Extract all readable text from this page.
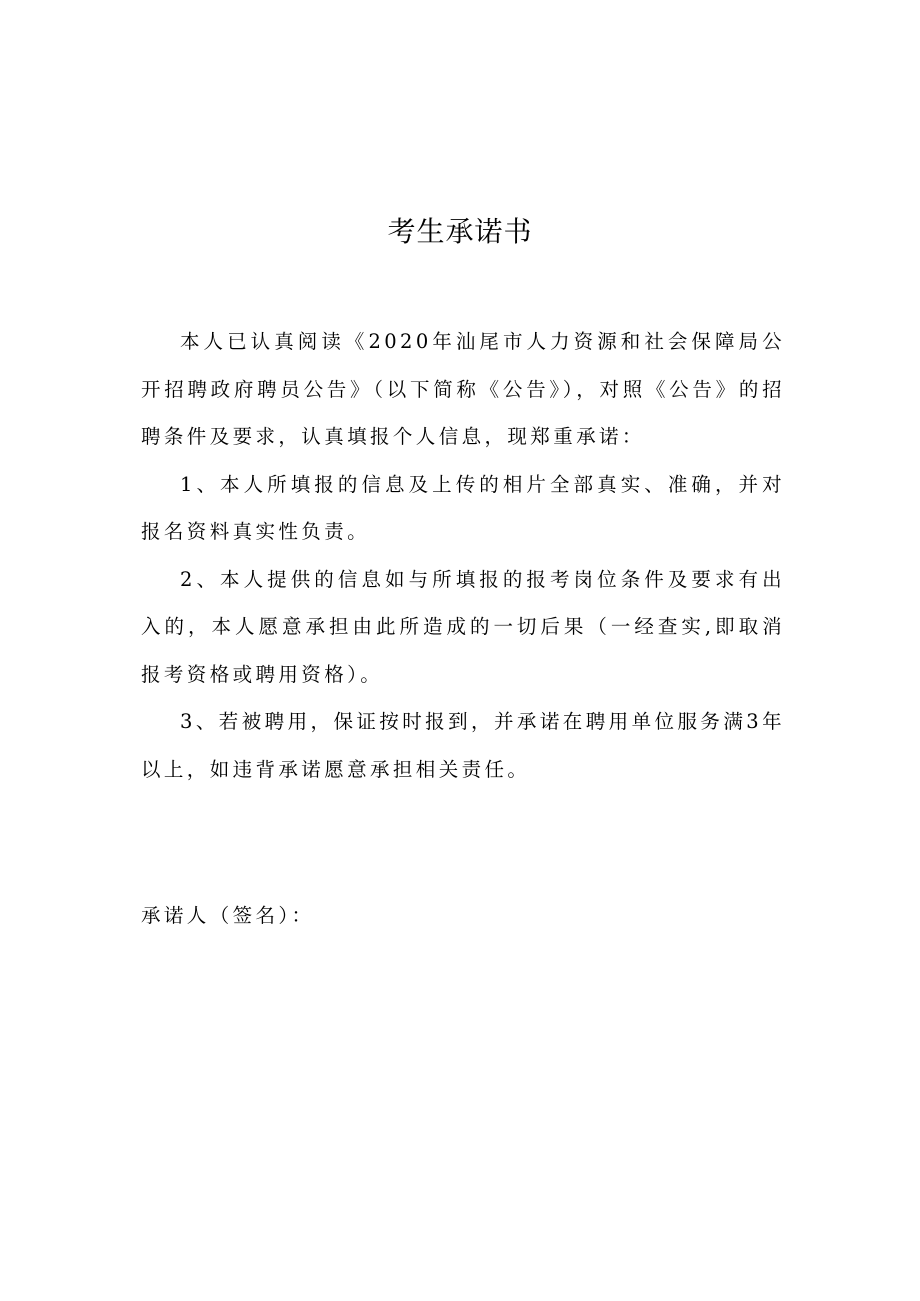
考生承诺书

本人已认真阅读《2020年汕尾市人力资源和社会保障局公开招聘政府聘员公告》（以下简称《公告》），对照《公告》的招聘条件及要求，认真填报个人信息，现郑重承诺：

1、本人所填报的信息及上传的相片全部真实、准确，并对报名资料真实性负责。

2、本人提供的信息如与所填报的报考岗位条件及要求有出入的，本人愿意承担由此所造成的一切后果（一经查实,即取消报考资格或聘用资格）。

3、若被聘用，保证按时报到，并承诺在聘用单位服务满3年以上，如违背承诺愿意承担相关责任。

承诺人（签名）：
